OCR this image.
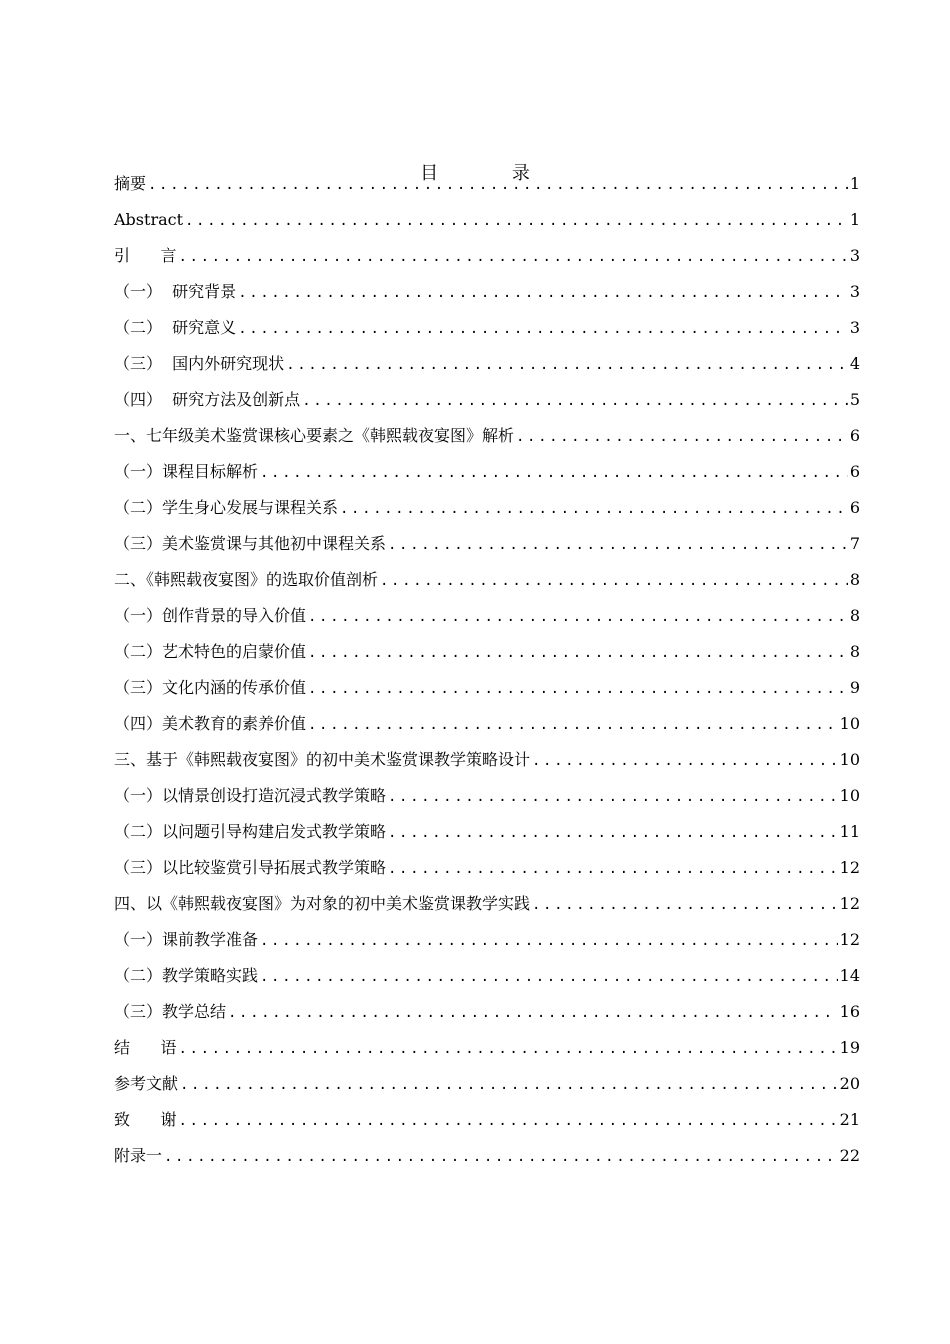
目 录
摘要 .....	1
Abstract .....	1
引      言 .....	3
（一）  研究背景 .....	3
（二）  研究意义 .....	3
（三）  国内外研究现状 .....	4
（四）  研究方法及创新点 .....	5
一、七年级美术鉴赏课核心要素之《韩熙载夜宴图》解析 .....	6
（一）课程目标解析 .....	6
（二）学生身心发展与课程关系 .....	6
（三）美术鉴赏课与其他初中课程关系 .....	7
二、《韩熙载夜宴图》的选取价值剖析 .....	8
（一）创作背景的导入价值 .....	8
（二）艺术特色的启蒙价值 .....	8
（三）文化内涵的传承价值 .....	9
（四）美术教育的素养价值 .....	10
三、基于《韩熙载夜宴图》的初中美术鉴赏课教学策略设计 .....	10
（一）以情景创设打造沉浸式教学策略 .....	10
（二）以问题引导构建启发式教学策略 .....	11
（三）以比较鉴赏引导拓展式教学策略 .....	12
四、以《韩熙载夜宴图》为对象的初中美术鉴赏课教学实践 .....	12
（一）课前教学准备 .....	12
（二）教学策略实践 .....	14
（三）教学总结 .....	16
结      语 .....	19
参考文献 .....	20
致      谢 .....	21
附录一 .....	22
